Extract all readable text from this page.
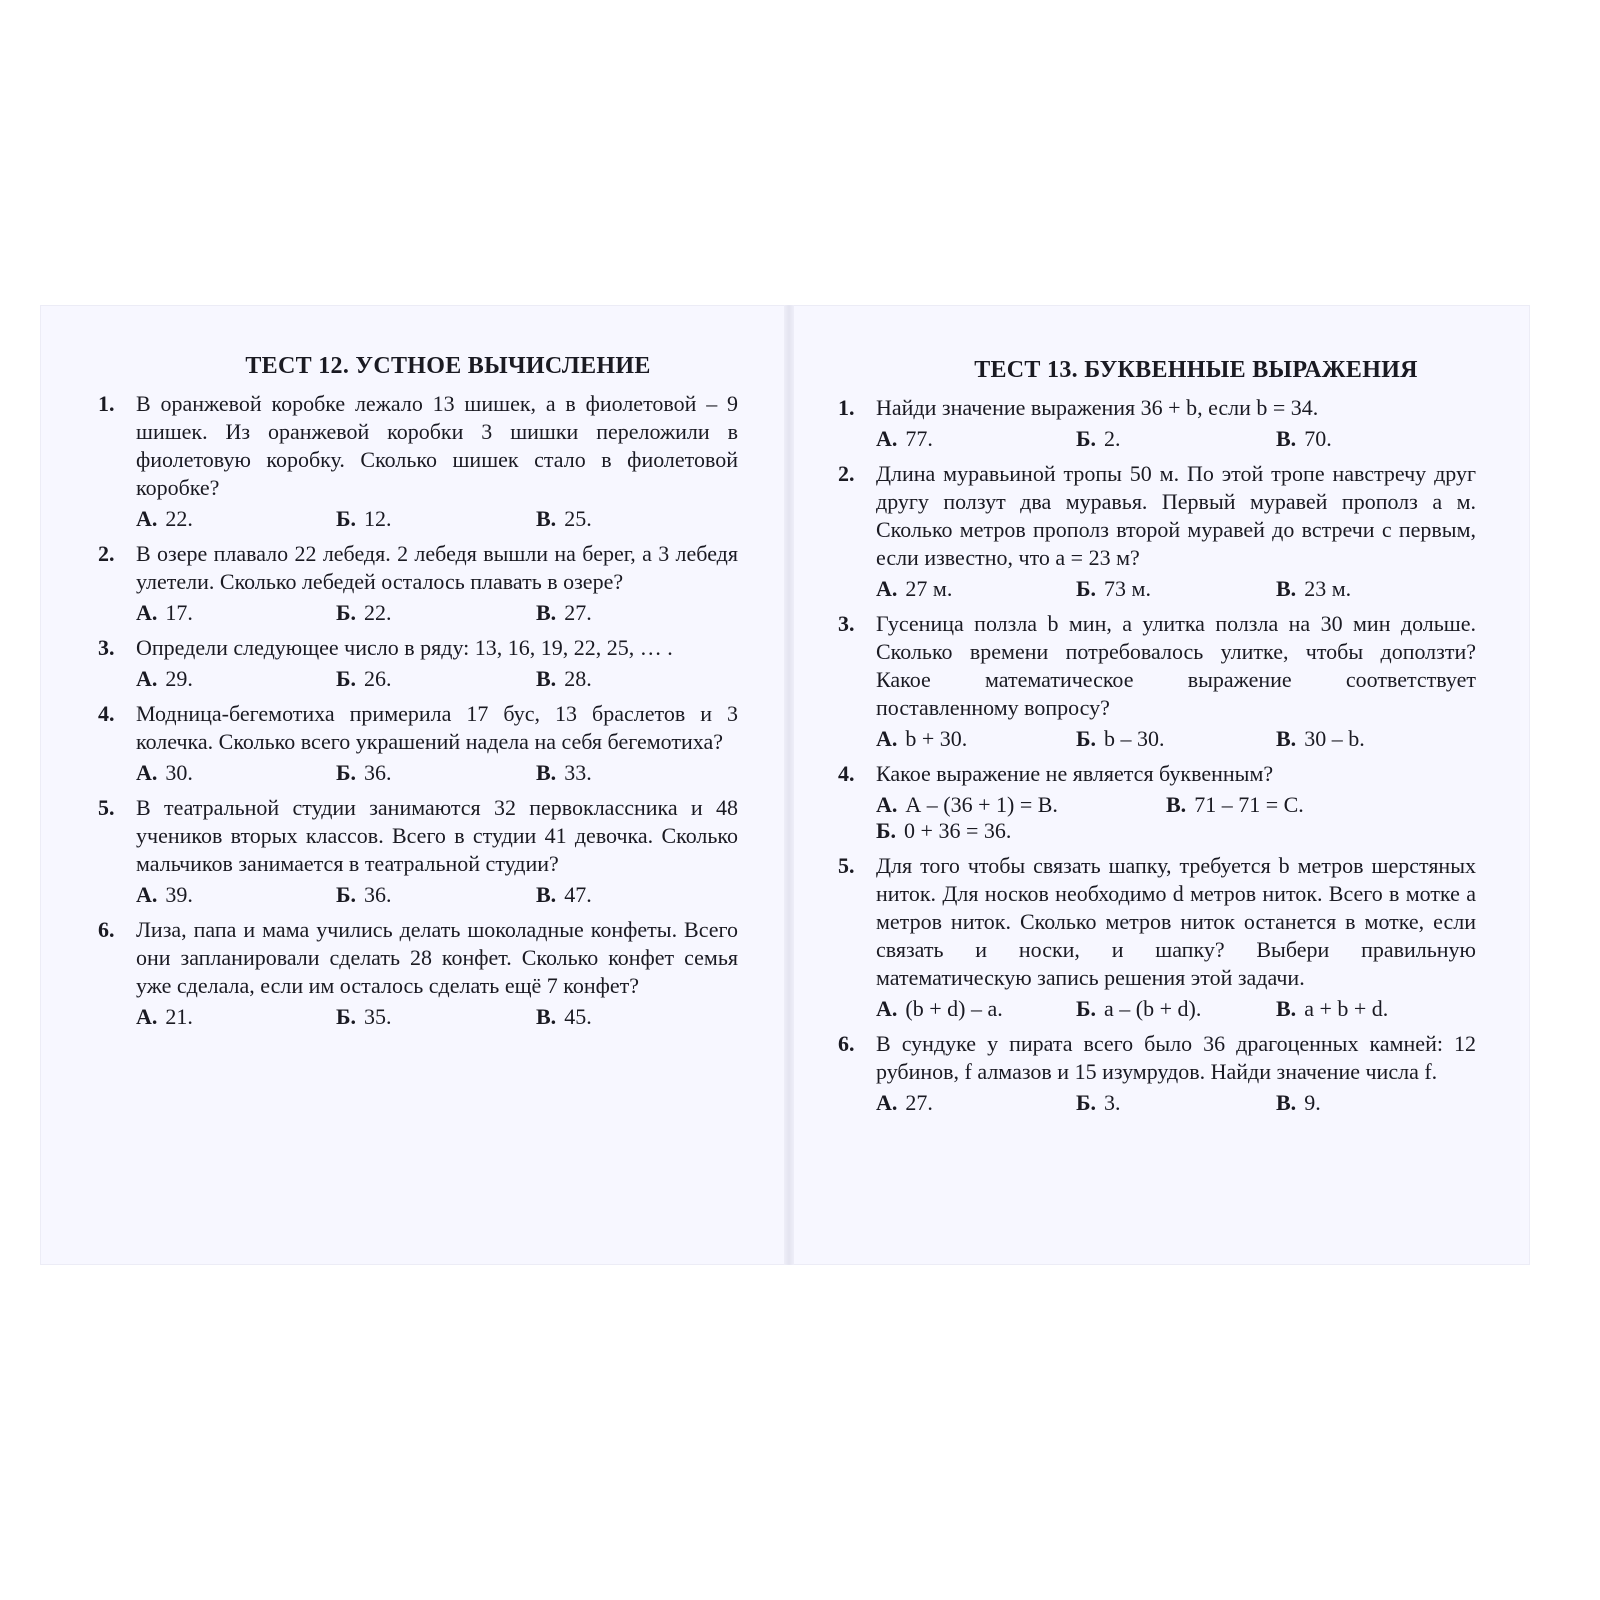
ТЕСТ 12. УСТНОЕ ВЫЧИСЛЕНИЕ
1. В оранжевой коробке лежало 13 шишек, а в фиолетовой – 9 шишек. Из оранжевой коробки 3 шишки переложили в фиолетовую коробку. Сколько шишек стало в фиолетовой коробке?
А. 22.	Б. 12.	В. 25.
2. В озере плавало 22 лебедя. 2 лебедя вышли на берег, а 3 лебедя улетели. Сколько лебедей осталось плавать в озере?
А. 17.	Б. 22.	В. 27.
3. Определи следующее число в ряду: 13, 16, 19, 22, 25, … .
А. 29.	Б. 26.	В. 28.
4. Модница-бегемотиха примерила 17 бус, 13 браслетов и 3 колечка. Сколько всего украшений надела на себя бегемотиха?
А. 30.	Б. 36.	В. 33.
5. В театральной студии занимаются 32 первоклассника и 48 учеников вторых классов. Всего в студии 41 девочка. Сколько мальчиков занимается в театральной студии?
А. 39.	Б. 36.	В. 47.
6. Лиза, папа и мама учились делать шоколадные конфеты. Всего они запланировали сделать 28 конфет. Сколько конфет семья уже сделала, если им осталось сделать ещё 7 конфет?
А. 21.	Б. 35.	В. 45.
ТЕСТ 13. БУКВЕННЫЕ ВЫРАЖЕНИЯ
1. Найди значение выражения 36 + b, если b = 34.
А. 77.	Б. 2.	В. 70.
2. Длина муравьиной тропы 50 м. По этой тропе навстречу друг другу ползут два муравья. Первый муравей прополз a м. Сколько метров прополз второй муравей до встречи с первым, если известно, что a = 23 м?
А. 27 м.	Б. 73 м.	В. 23 м.
3. Гусеница ползла b мин, а улитка ползла на 30 мин дольше. Сколько времени потребовалось улитке, чтобы доползти? Какое математическое выражение соответствует поставленному вопросу?
А. b + 30.	Б. b – 30.	В. 30 – b.
4. Какое выражение не является буквенным?
А. А – (36 + 1) = В.	В. 71 – 71 = С.
Б. 0 + 36 = 36.
5. Для того чтобы связать шапку, требуется b метров шерстяных ниток. Для носков необходимо d метров ниток. Всего в мотке a метров ниток. Сколько метров ниток останется в мотке, если связать и носки, и шапку? Выбери правильную математическую запись решения этой задачи.
А. (b + d) – a.	Б. a – (b + d).	В. a + b + d.
6. В сундуке у пирата всего было 36 драгоценных камней: 12 рубинов, f алмазов и 15 изумрудов. Найди значение числа f.
А. 27.	Б. 3.	В. 9.
